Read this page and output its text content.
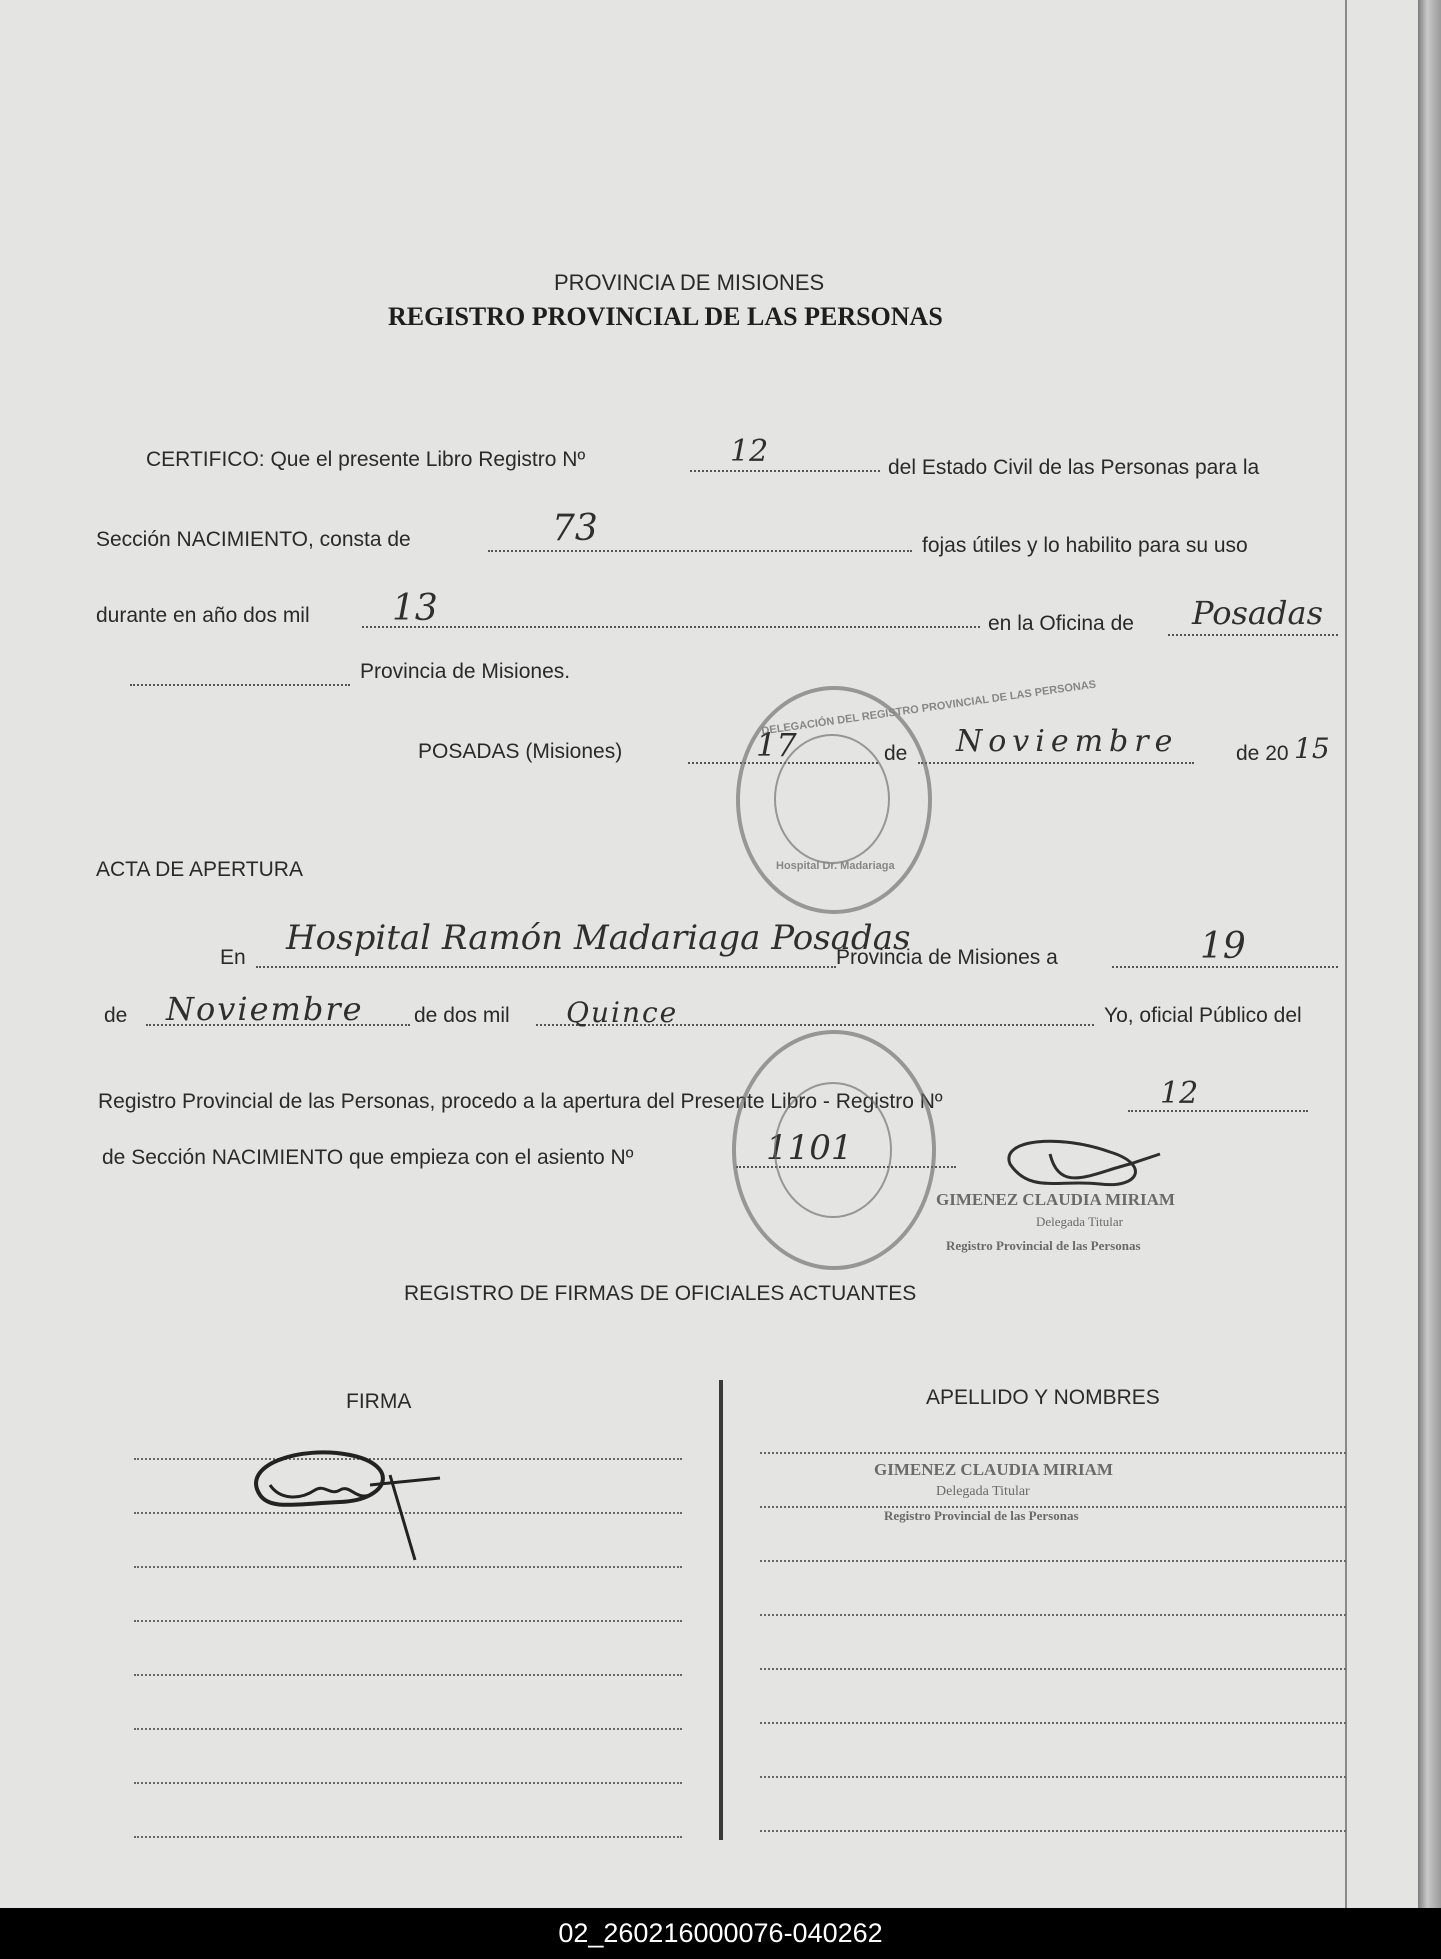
PROVINCIA DE MISIONES
REGISTRO PROVINCIAL DE LAS PERSONAS
CERTIFICO: Que el presente Libro Registro Nº	12	del Estado Civil de las Personas para la
Sección NACIMIENTO, consta de	73	fojas útiles y lo habilito para su uso
durante en año dos mil 13	en la Oficina de Posadas
Provincia de Misiones.
POSADAS (Misiones)	17	de Noviembre	de 20 15
DELEGACIÓN DEL REGISTRO PROVINCIAL DE LAS PERSONAS
Hospital Dr. Madariaga
ACTA DE APERTURA
En Hospital Ramón Madariaga Posadas
Provincia de Misiones a	19
de Noviembre de dos mil Quince	Yo, oficial Público del
Registro Provincial de las Personas, procedo a la apertura del Presente Libro - Registro Nº	12
de Sección NACIMIENTO que empieza con el asiento Nº	1101
GIMENEZ CLAUDIA MIRIAM
Delegada Titular
Registro Provincial de las Personas
REGISTRO DE FIRMAS DE OFICIALES ACTUANTES
FIRMA	APELLIDO Y NOMBRES
GIMENEZ CLAUDIA MIRIAM
Delegada Titular
Registro Provincial de las Personas
02_260216000076-040262
